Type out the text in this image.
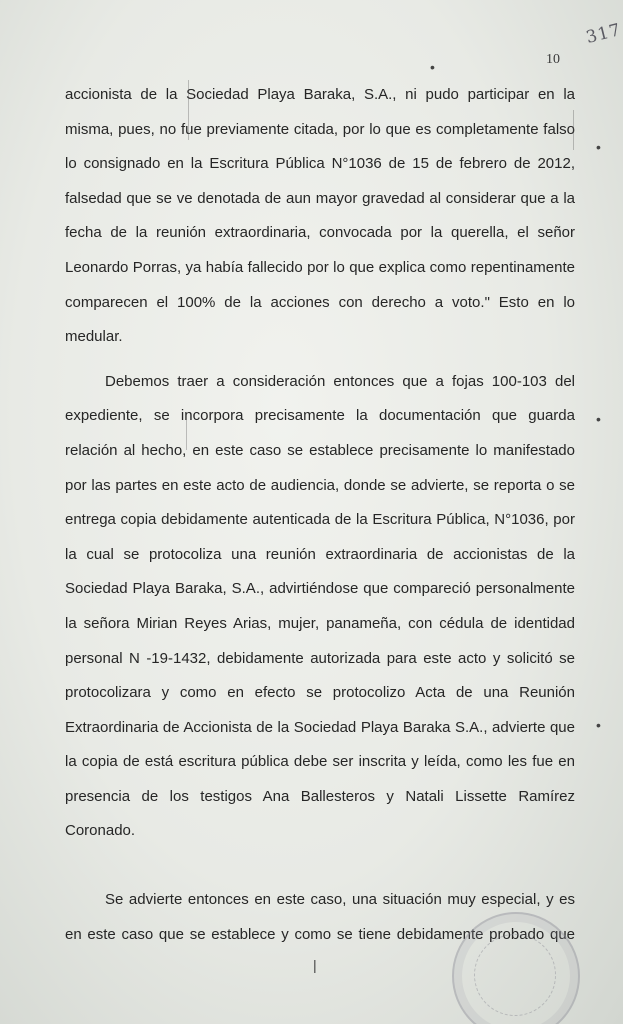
317
10

accionista de la Sociedad Playa Baraka, S.A., ni pudo participar en la
misma, pues, no fue previamente citada, por lo que es completamente falso
lo consignado en la Escritura Pública N°1036 de 15 de febrero de 2012,
falsedad que se ve denotada de aun mayor gravedad al considerar que a la
fecha de la reunión extraordinaria, convocada por la querella, el señor
Leonardo Porras, ya había fallecido por lo que explica como repentinamente
comparecen el 100% de la acciones con derecho a voto." Esto en lo
medular.

Debemos traer a consideración entonces que a fojas 100-103 del
expediente, se incorpora precisamente la documentación que guarda
relación al hecho, en este caso se establece precisamente lo manifestado
por las partes en este acto de audiencia, donde se advierte, se reporta o se
entrega copia debidamente autenticada de la Escritura Pública, N°1036, por
la cual se protocoliza una reunión extraordinaria de accionistas de la
Sociedad Playa Baraka, S.A., advirtiéndose que compareció personalmente
la señora Mirian Reyes Arias, mujer, panameña, con cédula de identidad
personal N -19-1432, debidamente autorizada para este acto y solicitó se
protocolizara y como en efecto se protocolizo Acta de una Reunión
Extraordinaria de Accionista de la Sociedad Playa Baraka S.A., advierte que
la copia de está escritura pública debe ser inscrita y leída, como les fue en
presencia de los testigos Ana Ballesteros y Natali Lissette Ramírez
Coronado.

Se advierte entonces en este caso, una situación muy especial, y es
en este caso que se establece y como se tiene debidamente probado que

•
•
•
•
|
